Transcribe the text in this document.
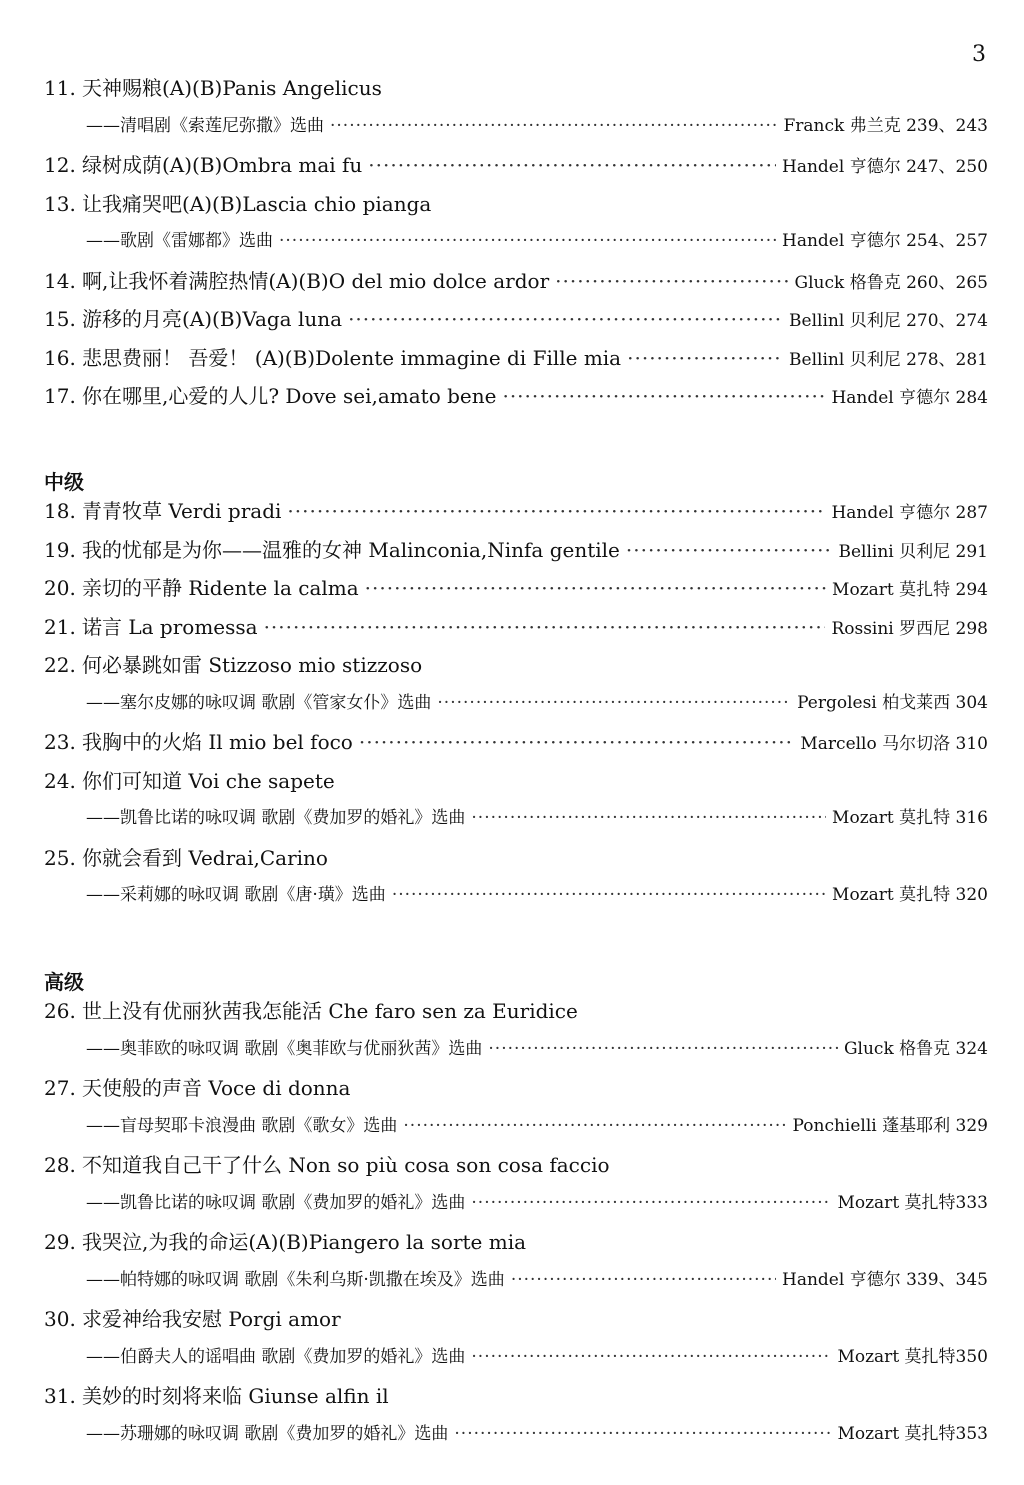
3
11. 天神赐粮(A)(B)Panis Angelicus
——清唱剧《索莲尼弥撒》选曲 ·····	Franck 弗兰克 239、243
12. 绿树成荫(A)(B)Ombra mai fu ·····	Handel 亨德尔 247、250
13. 让我痛哭吧(A)(B)Lascia chio pianga
——歌剧《雷娜都》选曲 ·····	Handel 亨德尔 254、257
14. 啊,让我怀着满腔热情(A)(B)O del mio dolce ardor ·····	Gluck 格鲁克 260、265
15. 游移的月亮(A)(B)Vaga luna ·····	Bellinl 贝利尼 270、274
16. 悲思费丽！ 吾爱！ (A)(B)Dolente immagine di Fille mia ·····	Bellinl 贝利尼 278、281
17. 你在哪里,心爱的人儿? Dove sei,amato bene ·····	Handel 亨德尔 284
中级
18. 青青牧草 Verdi pradi ·····	Handel 亨德尔 287
19. 我的忧郁是为你——温雅的女神 Malinconia,Ninfa gentile ·····	Bellini 贝利尼 291
20. 亲切的平静 Ridente la calma ·····	Mozart 莫扎特 294
21. 诺言 La promessa ·····	Rossini 罗西尼 298
22. 何必暴跳如雷 Stizzoso mio stizzoso
——塞尔皮娜的咏叹调 歌剧《管家女仆》选曲 ·····	Pergolesi 柏戈莱西 304
23. 我胸中的火焰 Il mio bel foco ·····	Marcello 马尔切洛 310
24. 你们可知道 Voi che sapete
——凯鲁比诺的咏叹调 歌剧《费加罗的婚礼》选曲 ·····	Mozart 莫扎特 316
25. 你就会看到 Vedrai,Carino
——采莉娜的咏叹调 歌剧《唐·璜》选曲 ·····	Mozart 莫扎特 320
高级
26. 世上没有优丽狄茜我怎能活 Che faro sen za Euridice
——奥菲欧的咏叹调 歌剧《奥菲欧与优丽狄茜》选曲 ·····	Gluck 格鲁克 324
27. 天使般的声音 Voce di donna
——盲母契耶卡浪漫曲 歌剧《歌女》选曲 ·····	Ponchielli 蓬基耶利 329
28. 不知道我自己干了什么 Non so più cosa son cosa faccio
——凯鲁比诺的咏叹调 歌剧《费加罗的婚礼》选曲 ·····	Mozart 莫扎特333
29. 我哭泣,为我的命运(A)(B)Piangero la sorte mia
——帕特娜的咏叹调 歌剧《朱利乌斯·凯撒在埃及》选曲 ·····	Handel 亨德尔 339、345
30. 求爱神给我安慰 Porgi amor
——伯爵夫人的谣唱曲 歌剧《费加罗的婚礼》选曲 ·····	Mozart 莫扎特350
31. 美妙的时刻将来临 Giunse alfin il
——苏珊娜的咏叹调 歌剧《费加罗的婚礼》选曲 ·····	Mozart 莫扎特353
